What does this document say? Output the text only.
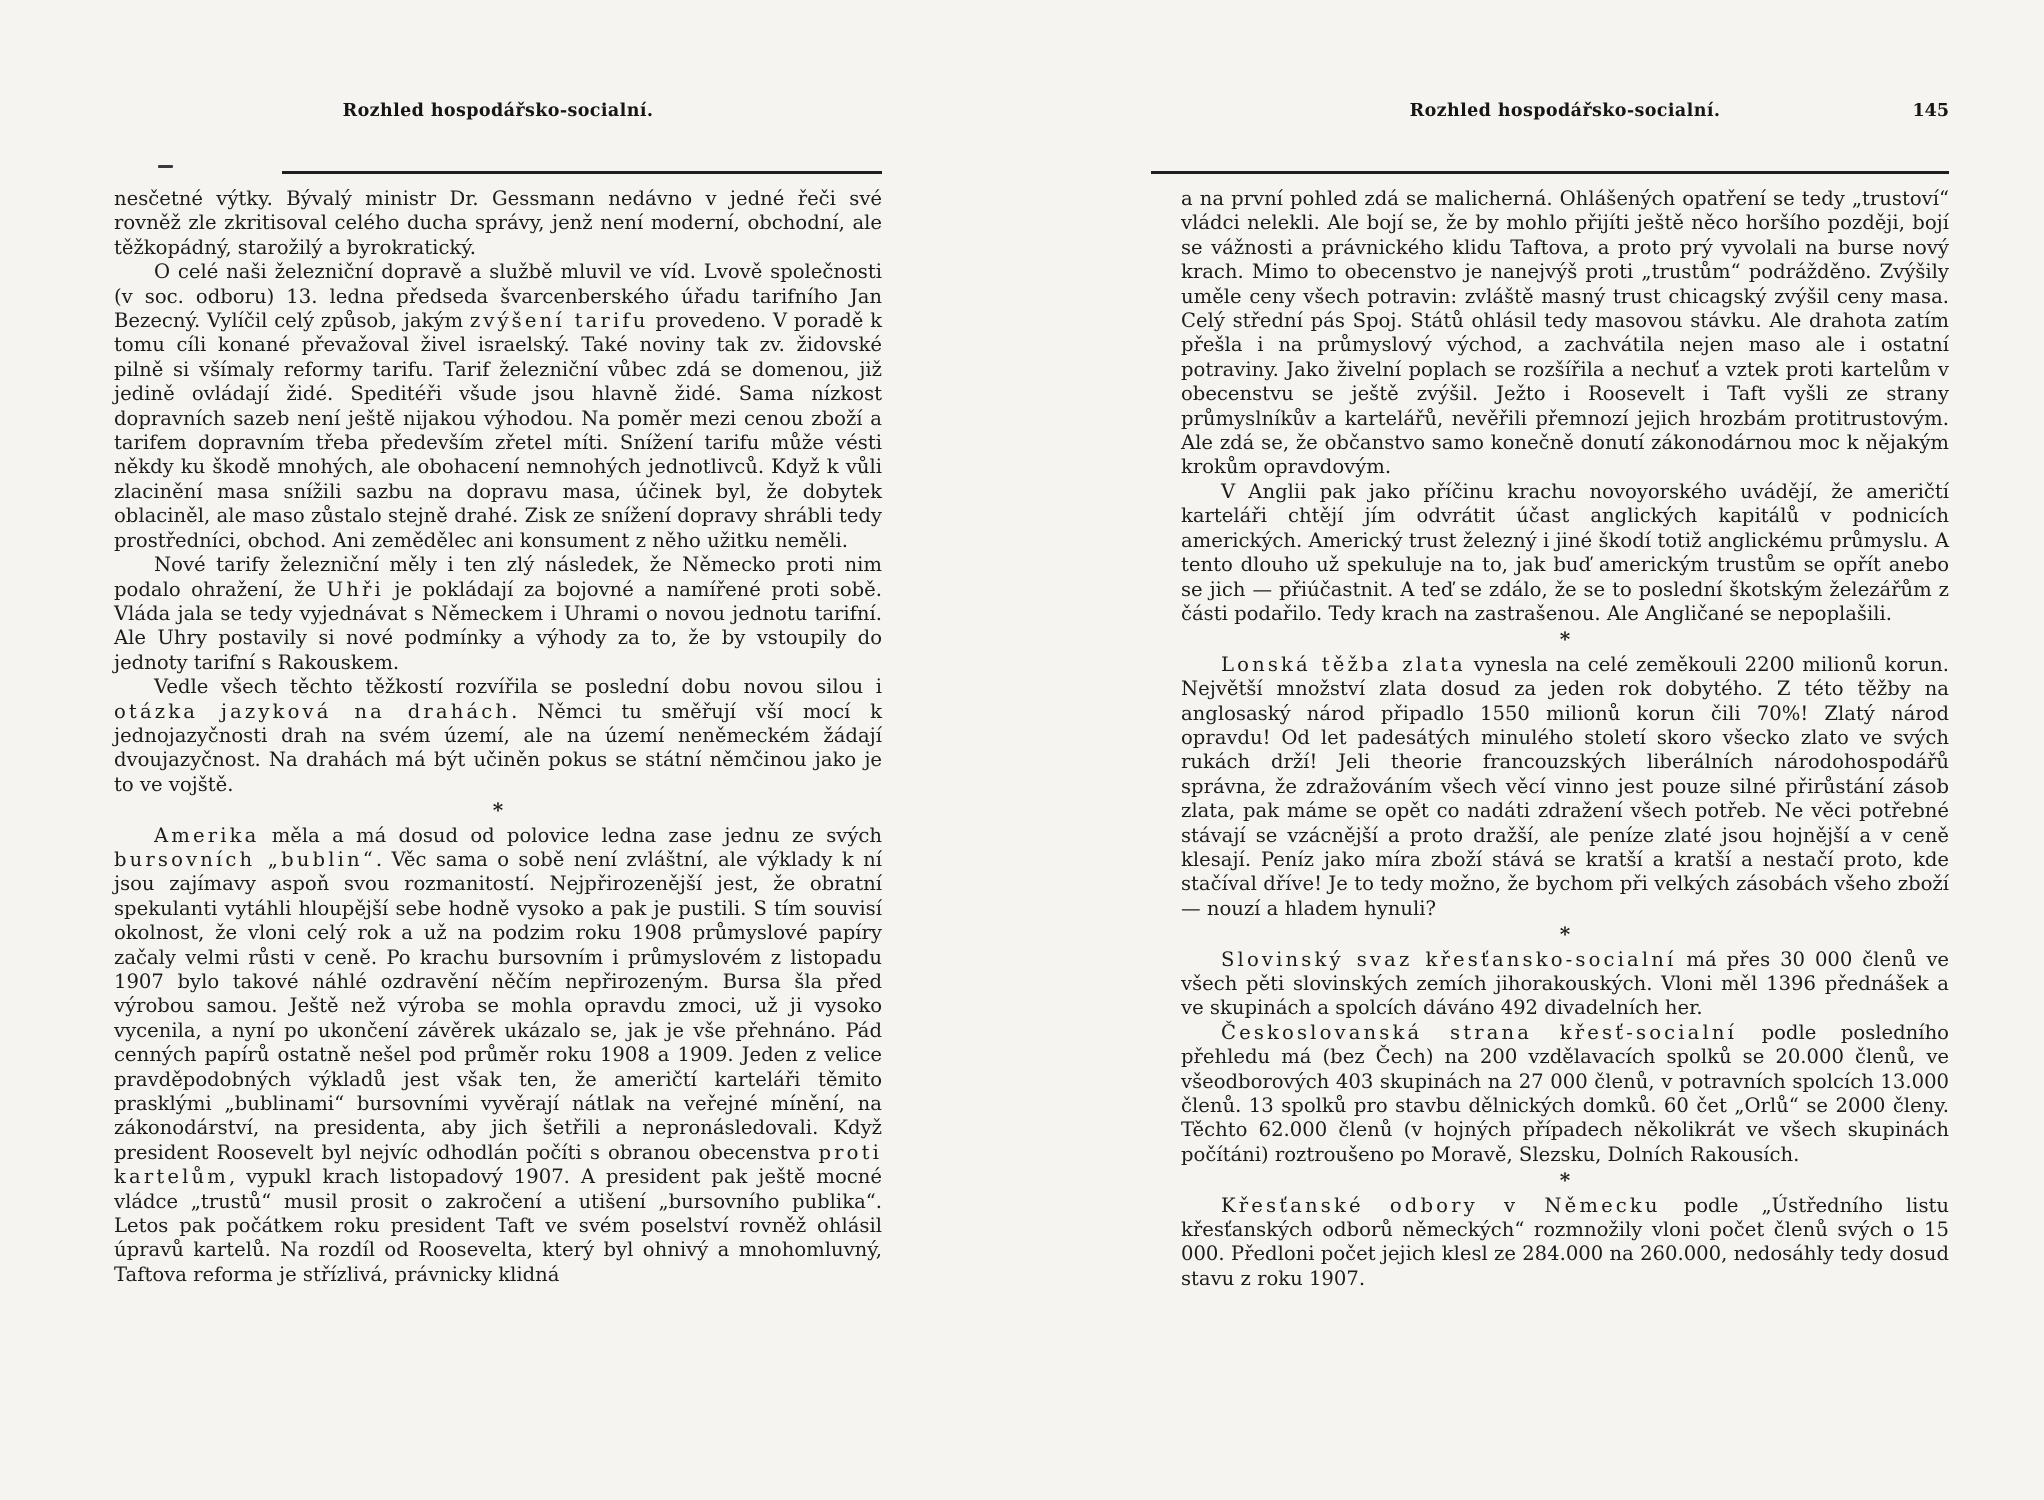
Rozhled hospodářsko-socialní.

nesčetné výtky. Bývalý ministr Dr. Gessmann nedávno v jedné řeči své rovněž zle zkritisoval celého ducha správy, jenž není moderní, obchodní, ale těžkopádný, starožilý a byrokratický.

O celé naši železniční dopravě a službě mluvil ve víd. Lvově společnosti (v soc. odboru) 13. ledna předseda švarcenberského úřadu tarifního Jan Bezecný. Vylíčil celý způsob, jakým zvýšení tarifu provedeno. V poradě k tomu cíli konané převažoval živel israelský. Také noviny tak zv. židovské pilně si všímaly reformy tarifu. Tarif železniční vůbec zdá se domenou, již jedině ovládají židé. Speditéři všude jsou hlavně židé. Sama nízkost dopravních sazeb není ještě nijakou výhodou. Na poměr mezi cenou zboží a tarifem dopravním třeba především zřetel míti. Snížení tarifu může vésti někdy ku škodě mnohých, ale obohacení nemnohých jednotlivců. Když k vůli zlacinění masa snížili sazbu na dopravu masa, účinek byl, že dobytek oblaciněl, ale maso zůstalo stejně drahé. Zisk ze snížení dopravy shrábli tedy prostředníci, obchod. Ani zemědělec ani konsument z něho užitku neměli.

Nové tarify železniční měly i ten zlý následek, že Německo proti nim podalo ohražení, že Uhři je pokládají za bojovné a namířené proti sobě. Vláda jala se tedy vyjednávat s Německem i Uhrami o novou jednotu tarifní. Ale Uhry postavily si nové podmínky a výhody za to, že by vstoupily do jednoty tarifní s Rakouskem.

Vedle všech těchto těžkostí rozvířila se poslední dobu novou silou i otázka jazyková na drahách. Němci tu směřují vší mocí k jednojazyčnosti drah na svém území, ale na území neněmeckém žádají dvoujazyčnost. Na drahách má být učiněn pokus se státní němčinou jako je to ve vojště.

*

Amerika měla a má dosud od polovice ledna zase jednu ze svých bursovních „bublin“. Věc sama o sobě není zvláštní, ale výklady k ní jsou zajímavy aspoň svou rozmanitostí. Nejpřirozenější jest, že obratní spekulanti vytáhli hloupější sebe hodně vysoko a pak je pustili. S tím souvisí okolnost, že vloni celý rok a už na podzim roku 1908 průmyslové papíry začaly velmi růsti v ceně. Po krachu bursovním i průmyslovém z listopadu 1907 bylo takové náhlé ozdravění něčím nepřirozeným. Bursa šla před výrobou samou. Ještě než výroba se mohla opravdu zmoci, už ji vysoko vycenila, a nyní po ukončení závěrek ukázalo se, jak je vše přehnáno. Pád cenných papírů ostatně nešel pod průměr roku 1908 a 1909. Jeden z velice pravděpodobných výkladů jest však ten, že američtí karteláři těmito prasklými „bublinami“ bursovními vyvěrají nátlak na veřejné mínění, na zákonodárství, na presidenta, aby jich šetřili a nepronásledovali. Když president Roosevelt byl nejvíc odhodlán počíti s obranou obecenstva proti kartelům, vypukl krach listopadový 1907. A president pak ještě mocné vládce „trustů“ musil prosit o zakročení a utišení „bursovního publika“. Letos pak počátkem roku president Taft ve svém poselství rovněž ohlásil úpravů kartelů. Na rozdíl od Roosevelta, který byl ohnivý a mnohomluvný, Taftova reforma je střízlivá, právnicky klidná

Rozhled hospodářsko-socialní.	145

a na první pohled zdá se malicherná. Ohlášených opatření se tedy „trustoví“ vládci nelekli. Ale bojí se, že by mohlo přijíti ještě něco horšího později, bojí se vážnosti a právnického klidu Taftova, a proto prý vyvolali na burse nový krach. Mimo to obecenstvo je nanejvýš proti „trustům“ podrážděno. Zvýšily uměle ceny všech potravin: zvláště masný trust chicagský zvýšil ceny masa. Celý střední pás Spoj. Států ohlásil tedy masovou stávku. Ale drahota zatím přešla i na průmyslový východ, a zachvátila nejen maso ale i ostatní potraviny. Jako živelní poplach se rozšířila a nechuť a vztek proti kartelům v obecenstvu se ještě zvýšil. Ježto i Roosevelt i Taft vyšli ze strany průmyslníkův a kartelářů, nevěřili přemnozí jejich hrozbám protitrustovým. Ale zdá se, že občanstvo samo konečně donutí zákonodárnou moc k nějakým krokům opravdovým.

V Anglii pak jako příčinu krachu novoyorského uvádějí, že američtí karteláři chtějí jím odvrátit účast anglických kapitálů v podnicích amerických. Americký trust železný i jiné škodí totiž anglickému průmyslu. A tento dlouho už spekuluje na to, jak buď americkým trustům se opřít anebo se jich — přiúčastnit. A teď se zdálo, že se to poslední škotským železářům z části podařilo. Tedy krach na zastrašenou. Ale Angličané se nepoplašili.

*

Lonská těžba zlata vynesla na celé zeměkouli 2200 milionů korun. Největší množství zlata dosud za jeden rok dobytého. Z této těžby na anglosaský národ připadlo 1550 milionů korun čili 70%! Zlatý národ opravdu! Od let padesátých minulého století skoro všecko zlato ve svých rukách drží! Jeli theorie francouzských liberálních národohospodářů správna, že zdražováním všech věcí vinno jest pouze silné přirůstání zásob zlata, pak máme se opět co nadáti zdražení všech potřeb. Ne věci potřebné stávají se vzácnější a proto dražší, ale peníze zlaté jsou hojnější a v ceně klesají. Peníz jako míra zboží stává se kratší a kratší a nestačí proto, kde stačíval dříve! Je to tedy možno, že bychom při velkých zásobách všeho zboží — nouzí a hladem hynuli?

*

Slovinský svaz křesťansko-socialní má přes 30 000 členů ve všech pěti slovinských zemích jihorakouských. Vloni měl 1396 přednášek a ve skupinách a spolcích dáváno 492 divadelních her.

Českoslovanská strana křesť-socialní podle posledního přehledu má (bez Čech) na 200 vzdělavacích spolků se 20.000 členů, ve všeodborových 403 skupinách na 27 000 členů, v potravních spolcích 13.000 členů. 13 spolků pro stavbu dělnických domků. 60 čet „Orlů“ se 2000 členy. Těchto 62.000 členů (v hojných případech několikrát ve všech skupinách počítáni) roztroušeno po Moravě, Slezsku, Dolních Rakousích.

*

Křesťanské odbory v Německu podle „Ústředního listu křesťanských odborů německých“ rozmnožily vloni počet členů svých o 15 000. Předloni počet jejich klesl ze 284.000 na 260.000, nedosáhly tedy dosud stavu z roku 1907.
